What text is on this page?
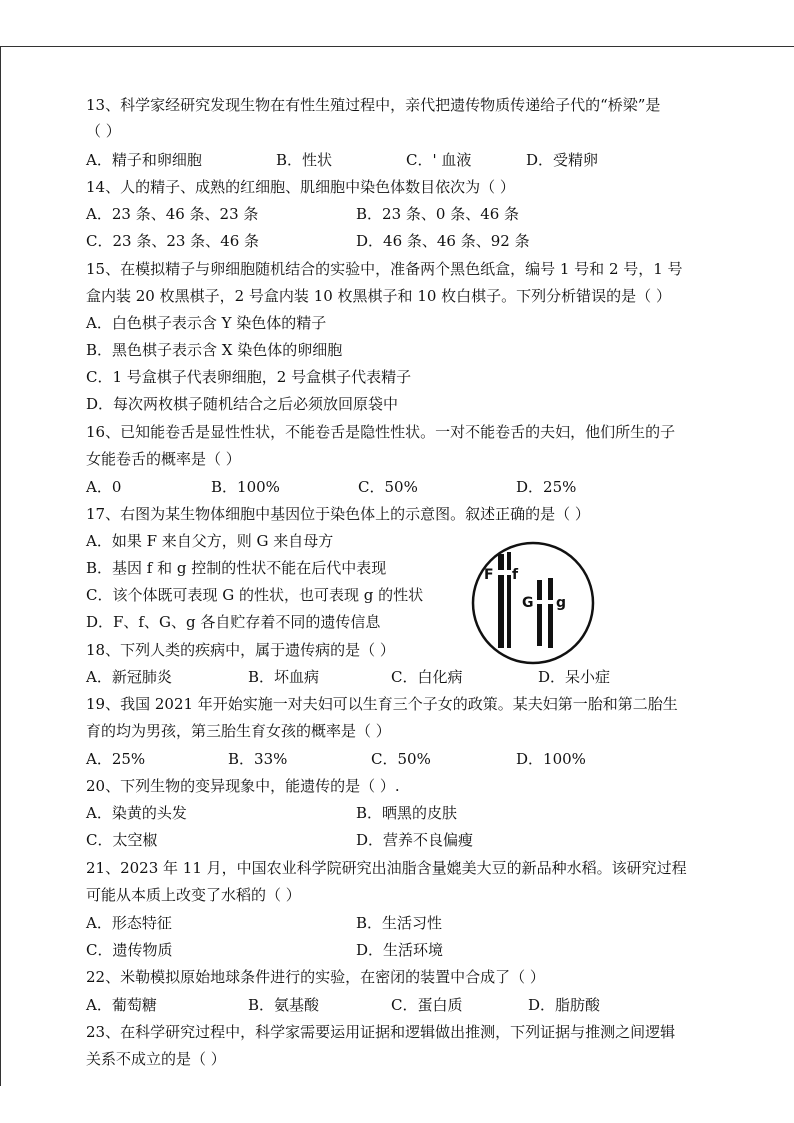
13、科学家经研究发现生物在有性生殖过程中，亲代把遗传物质传递给子代的“桥梁”是
（ ）
A．精子和卵细胞	B．性状	C．' 血液	D．受精卵
14、人的精子、成熟的红细胞、肌细胞中染色体数目依次为（ ）
A．23 条、46 条、23 条	B．23 条、0 条、46 条
C．23 条、23 条、46 条	D．46 条、46 条、92 条
15、在模拟精子与卵细胞随机结合的实验中，准备两个黑色纸盒，编号 1 号和 2 号，1 号
盒内装 20 枚黑棋子，2 号盒内装 10 枚黑棋子和 10 枚白棋子。下列分析错误的是（ ）
A．白色棋子表示含 Y 染色体的精子
B．黑色棋子表示含 X 染色体的卵细胞
C．1 号盒棋子代表卵细胞，2 号盒棋子代表精子
D．每次两枚棋子随机结合之后必须放回原袋中
16、已知能卷舌是显性性状，不能卷舌是隐性性状。一对不能卷舌的夫妇，他们所生的子
女能卷舌的概率是（ ）
A．0	B．100%	C．50%	D．25%
17、右图为某生物体细胞中基因位于染色体上的示意图。叙述正确的是（ ）
A．如果 F 来自父方，则 G 来自母方
B．基因 f 和 g 控制的性状不能在后代中表现
C．该个体既可表现 G 的性状，也可表现 g 的性状
D．F、f、G、g 各自贮存着不同的遗传信息
18、下列人类的疾病中，属于遗传病的是（ ）
A．新冠肺炎	B．坏血病	C．白化病	D．呆小症
19、我国 2021 年开始实施一对夫妇可以生育三个子女的政策。某夫妇第一胎和第二胎生
育的均为男孩，第三胎生育女孩的概率是（ ）
A．25%	B．33%	C．50%	D．100%
20、下列生物的变异现象中，能遗传的是（ ）.
A．染黄的头发	B．晒黑的皮肤
C．太空椒	D．营养不良偏瘦
21、2023 年 11 月，中国农业科学院研究出油脂含量媲美大豆的新品种水稻。该研究过程
可能从本质上改变了水稻的（ ）
A．形态特征	B．生活习性
C．遗传物质	D．生活环境
22、米勒模拟原始地球条件进行的实验，在密闭的装置中合成了（ ）
A．葡萄糖	B．氨基酸	C．蛋白质	D．脂肪酸
23、在科学研究过程中，科学家需要运用证据和逻辑做出推测，下列证据与推测之间逻辑
关系不成立的是（ ）
F f
G g
